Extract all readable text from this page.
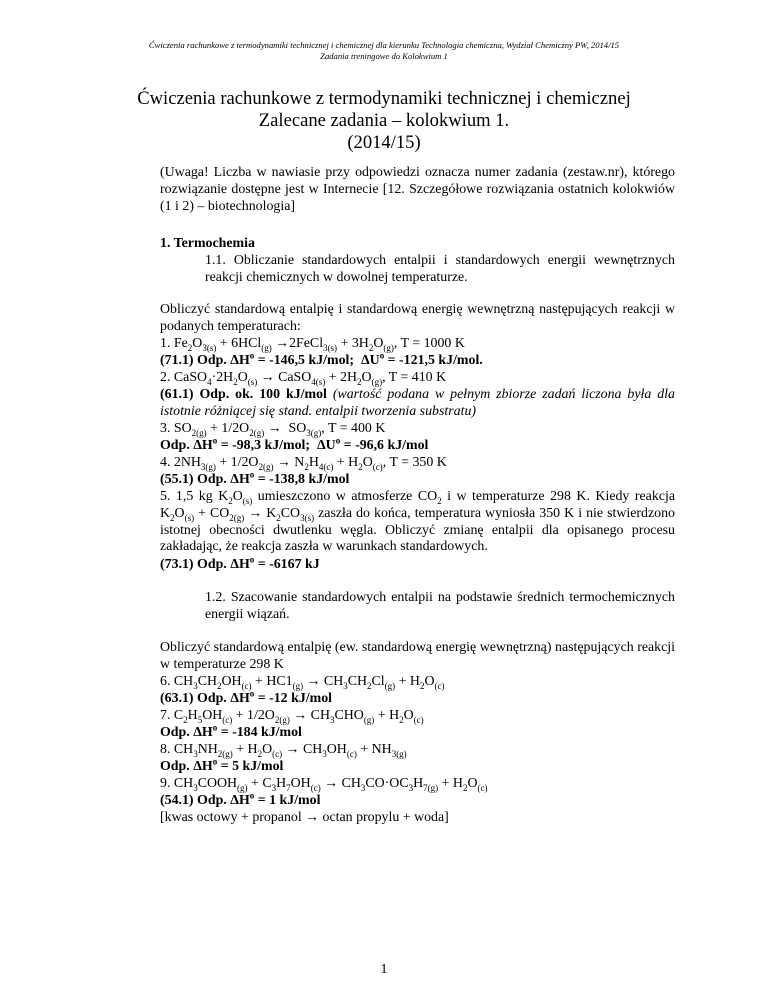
Ćwiczenia rachunkowe z termodynamiki technicznej i chemicznej dla kierunku Technologia chemiczna, Wydział Chemiczny PW, 2014/15
Zadania treningowe do Kolokwium 1
Ćwiczenia rachunkowe z termodynamiki technicznej i chemicznej
Zalecane zadania – kolokwium 1.
(2014/15)
(Uwaga! Liczba w nawiasie przy odpowiedzi oznacza numer zadania (zestaw.nr), którego rozwiązanie dostępne jest w Internecie [12. Szczegółowe rozwiązania ostatnich kolokwiów (1 i 2) – biotechnologia]
1. Termochemia
1.1. Obliczanie standardowych entalpii i standardowych energii wewnętrznych reakcji chemicznych w dowolnej temperaturze.
Obliczyć standardową entalpię i standardową energię wewnętrzną następujących reakcji w podanych temperaturach:
1. $Fe_2O_{3(s)} + 6HCl_{(g)}$ →2FeCl$_{3(s)}$ + $3H_2O_{(g)}$, T = 1000 K
(71.1) Odp. $\Delta H^o = -146,5$ kJ/mol;  $\Delta U^o = -121,5$ kJ/mol.
2. $CaSO_4\cdot 2H_2O_{(s)}$ → CaSO$_{4(s)}$ + $2H_2O_{(g)}$, T = 410 K
(61.1) Odp. ok. 100 kJ/mol (wartość podana w pełnym zbiorze zadań liczona była dla istotnie różniącej się stand. entalpii tworzenia substratu)
3. $SO_{2(g)} + 1/2O_{2(g)} \to SO_{3(g)}$, T = 400 K
Odp. $\Delta H^o = -98,3$ kJ/mol;  $\Delta U^o = -96,6$ kJ/mol
4. $2NH_{3(g)} + 1/2O_{2(g)} \to N_2H_{4(c)} + H_2O_{(c)}$, T = 350 K
(55.1) Odp. $\Delta H^o = -138,8$ kJ/mol
5. 1,5 kg $K_2O_{(s)}$ umieszczono w atmosferze $CO_2$ i w temperaturze 298 K. Kiedy reakcja $K_2O_{(s)} + CO_{2(g)} \to K_2CO_{3(s)}$ zaszła do końca, temperatura wyniosła 350 K i nie stwierdzono istotnej obecności dwutlenku węgla. Obliczyć zmianę entalpii dla opisanego procesu zakładając, że reakcja zaszła w warunkach standardowych.
(73.1) Odp. $\Delta H^o = -6167$ kJ
1.2. Szacowanie standardowych entalpii na podstawie średnich termochemicznych energii wiązań.
Obliczyć standardową entalpię (ew. standardową energię wewnętrzną) następujących reakcji w temperaturze 298 K
6. $CH_3CH_2OH_{(c)} + HC1_{(g)} \to CH_3CH_2Cl_{(g)} + H_2O_{(c)}$
(63.1) Odp. $\Delta H^o = -12$ kJ/mol
7. $C_2H_5OH_{(c)} + 1/2O_{2(g)} \to CH_3CHO_{(g)} + H_2O_{(c)}$
Odp. $\Delta H^o = -184$ kJ/mol
8. $CH_3NH_{2(g)} + H_2O_{(c)} \to CH_3OH_{(c)} + NH_{3(g)}$
Odp. $\Delta H^o = 5$ kJ/mol
9. $CH_3COOH_{(g)} + C_3H_7OH_{(c)} \to CH_3CO\cdot OC_3H_{7(g)} + H_2O_{(c)}$
(54.1) Odp. $\Delta H^o = 1$ kJ/mol
[kwas octowy + propanol → octan propylu + woda]
1
